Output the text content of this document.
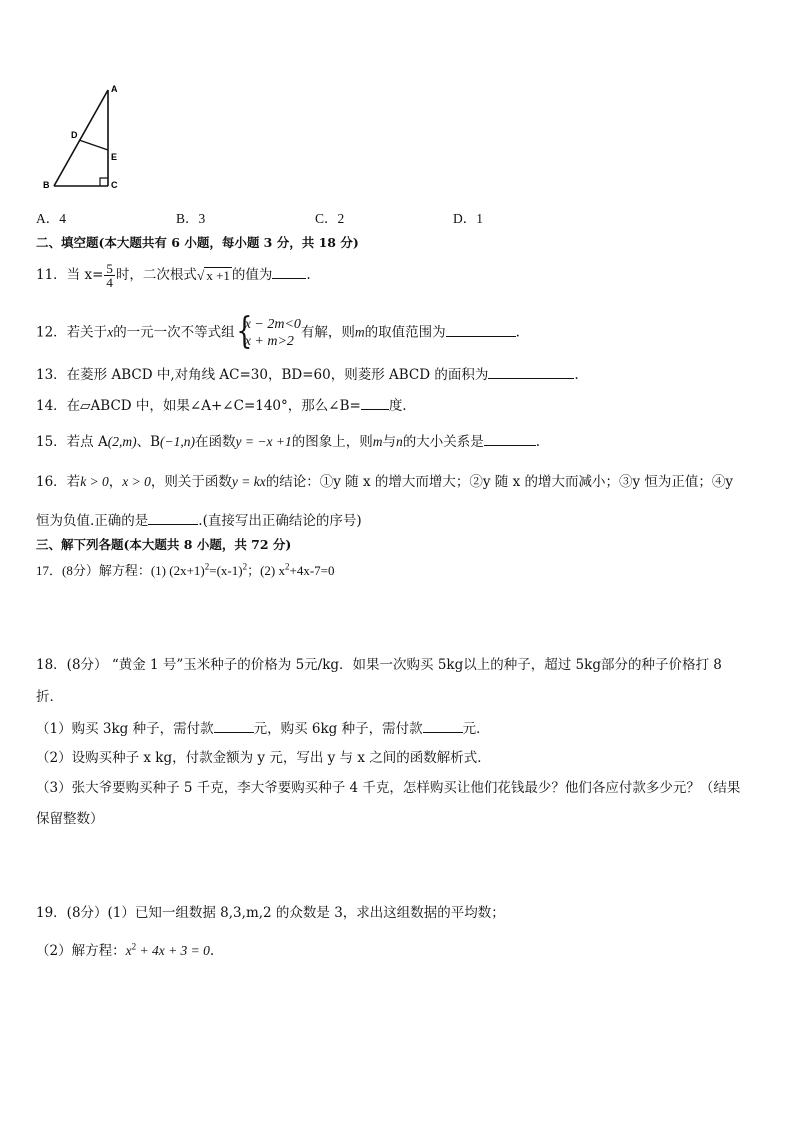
A
D
E
B	C
A．4	B．3	C．2	D．1
二、填空题(本大题共有 6 小题，每小题 3 分，共 18 分)
11．当 $x= \frac{5}{4}$ 时，二次根式√ x +1 的值为	.
12．若关于x的一元一次不等式组 {
x − 2m<0
x + m>2
有解，则m的取值范围为	.
13．在菱形 ABCD 中,对角线 AC=30，BD=60，则菱形 ABCD 的面积为	.
14．在▱ABCD 中，如果∠A+∠C=140°，那么∠B= 度.
15．若点 A(2,m)、B(−1,n)在函数y = −x +1的图象上，则m与n的大小关系是	.
16．若k > 0，x > 0，则关于函数y = kx的结论：①y 随 x 的增大而增大；②y 随 x 的增大而减小；③y 恒为正值；④y
恒为负值.正确的是	.(直接写出正确结论的序号)
三、解下列各题(本大题共 8 小题，共 72 分)
17．(8分）解方程：(1) $(2x+1)^2=(x-1)^2$；(2) $x^2+4x-7=0$
18．(8分） “黄金 1 号”玉米种子的价格为 5元/kg．如果一次购买 5kg以上的种子，超过 5kg部分的种子价格打 8
折．
（1）购买 3kg 种子，需付款	元，购买 6kg 种子，需付款	元．
（2）设购买种子 x kg，付款金额为 y 元，写出 y 与 x 之间的函数解析式．
（3）张大爷要购买种子 5 千克，李大爷要购买种子 4 千克，怎样购买让他们花钱最少？他们各应付款多少元？（结果
保留整数）
19．(8分）(1）已知一组数据 8,3,m,2 的众数是 3，求出这组数据的平均数；
（2）解方程：$x^2 + 4x + 3 = 0$.
